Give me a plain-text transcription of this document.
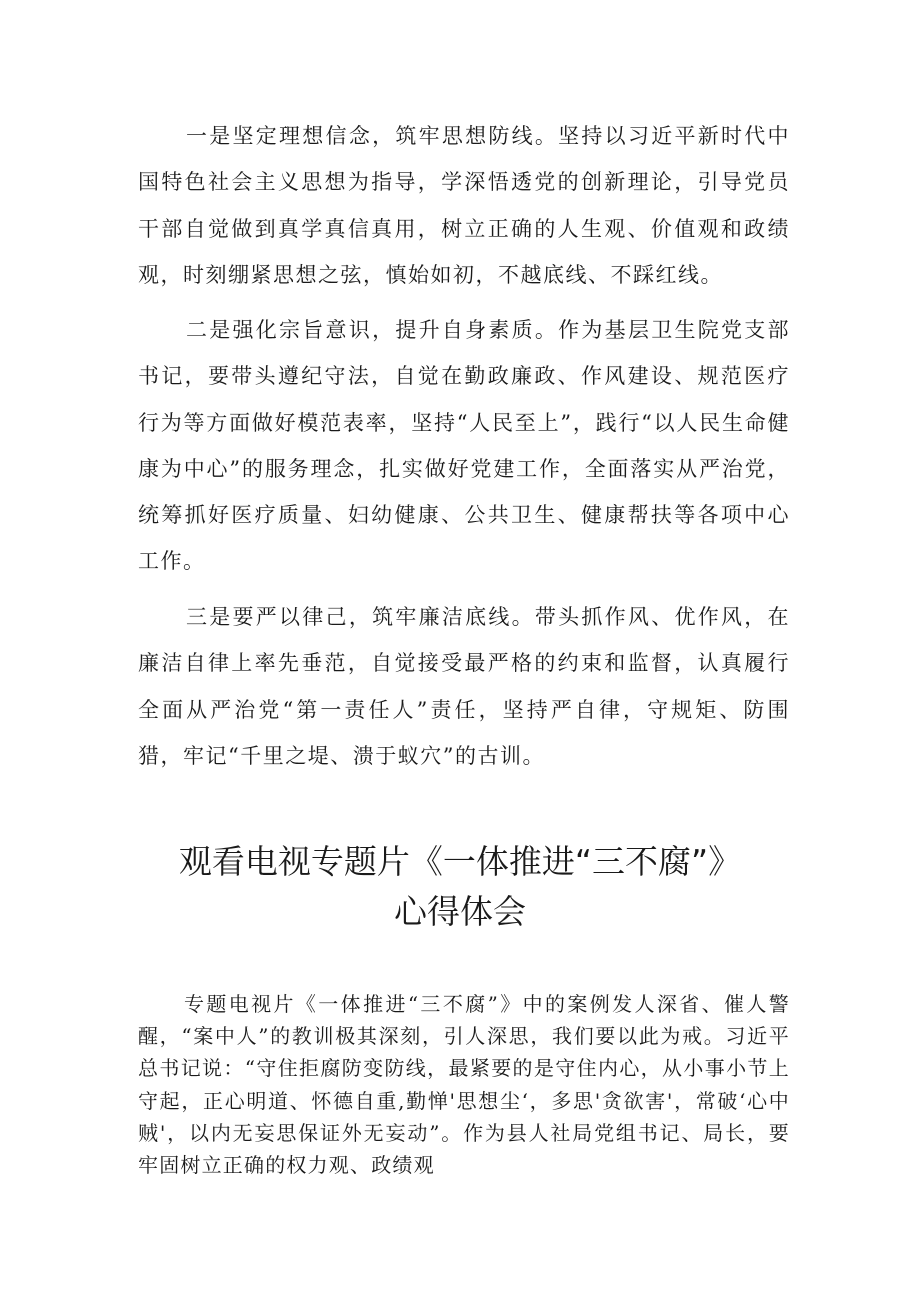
一是坚定理想信念，筑牢思想防线。坚持以习近平新时代中国特色社会主义思想为指导，学深悟透党的创新理论，引导党员干部自觉做到真学真信真用，树立正确的人生观、价值观和政绩观，时刻绷紧思想之弦，慎始如初，不越底线、不踩红线。

二是强化宗旨意识，提升自身素质。作为基层卫生院党支部书记，要带头遵纪守法，自觉在勤政廉政、作风建设、规范医疗行为等方面做好模范表率，坚持“人民至上”，践行“以人民生命健康为中心”的服务理念，扎实做好党建工作，全面落实从严治党，统筹抓好医疗质量、妇幼健康、公共卫生、健康帮扶等各项中心工作。

三是要严以律己，筑牢廉洁底线。带头抓作风、优作风，在廉洁自律上率先垂范，自觉接受最严格的约束和监督，认真履行全面从严治党“第一责任人”责任，坚持严自律，守规矩、防围猎，牢记“千里之堤、溃于蚁穴”的古训。

观看电视专题片《一体推进“三不腐”》
心得体会

专题电视片《一体推进“三不腐”》中的案例发人深省、催人警醒，“案中人”的教训极其深刻，引人深思，我们要以此为戒。习近平总书记说：“守住拒腐防变防线，最紧要的是守住内心，从小事小节上守起，正心明道、怀德自重,勤惮'思想尘‘，多思'贪欲害'，常破‘心中贼'，以内无妄思保证外无妄动”。作为县人社局党组书记、局长，要牢固树立正确的权力观、政绩观
